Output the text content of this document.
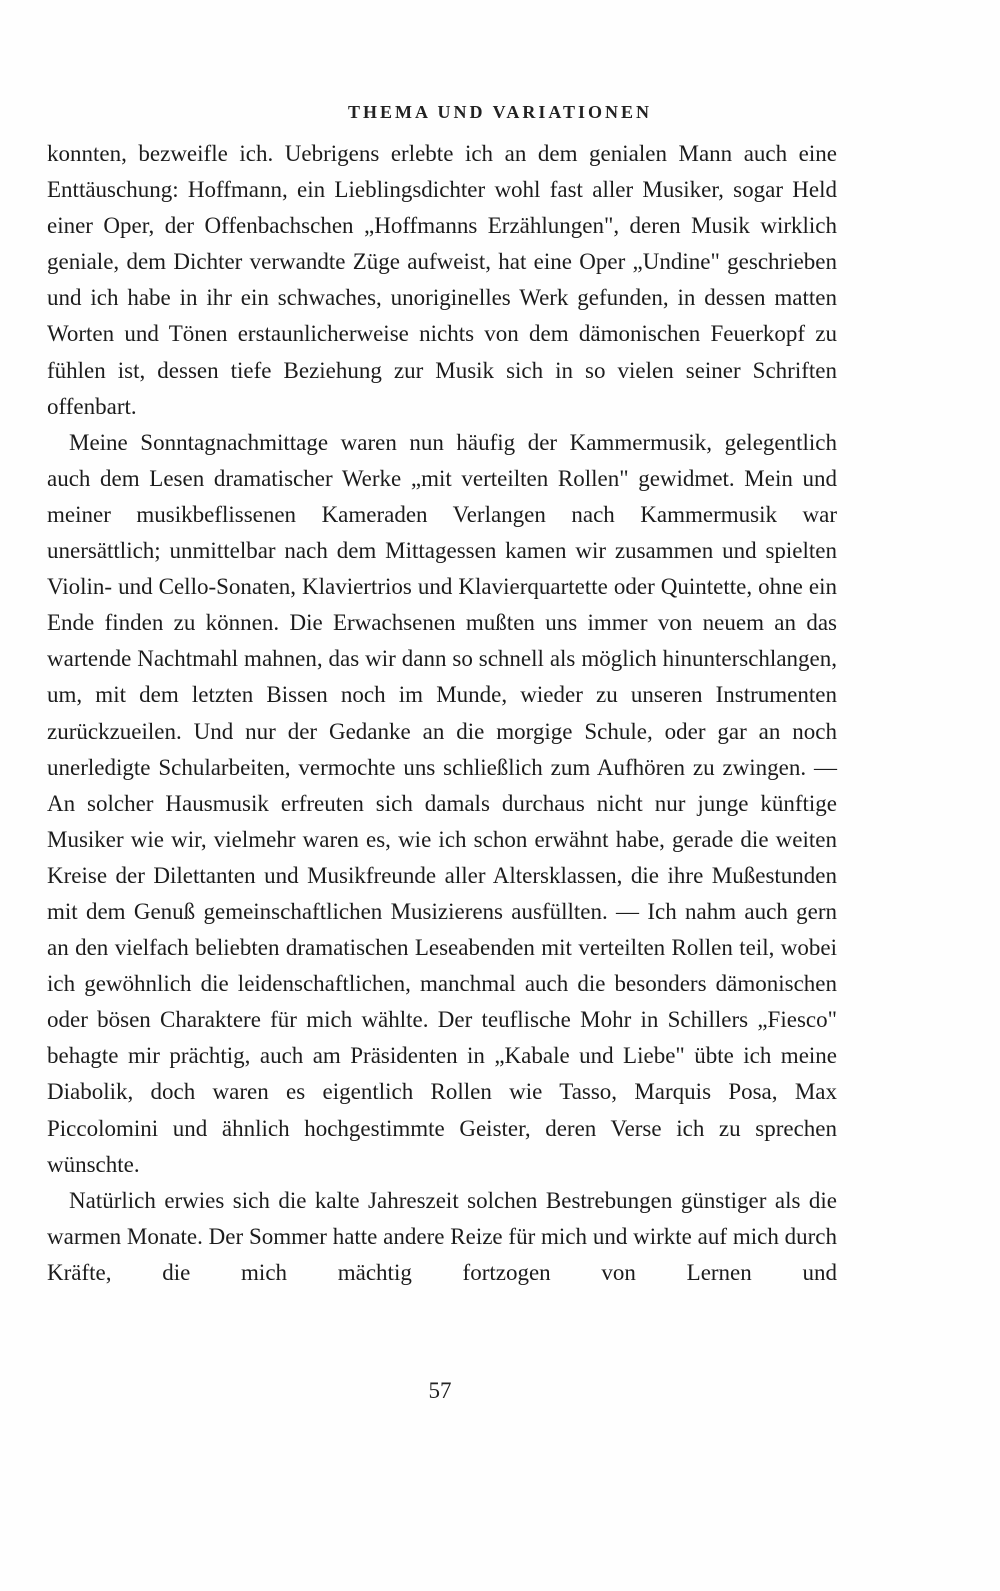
THEMA UND VARIATIONEN

konnten, bezweifle ich. Uebrigens erlebte ich an dem genialen Mann auch eine Enttäuschung: Hoffmann, ein Lieblingsdichter wohl fast aller Musiker, sogar Held einer Oper, der Offenbachschen „Hoffmanns Erzählungen", deren Musik wirklich geniale, dem Dichter verwandte Züge aufweist, hat eine Oper „Undine" geschrieben und ich habe in ihr ein schwaches, unoriginelles Werk gefunden, in dessen matten Worten und Tönen erstaunlicherweise nichts von dem dämonischen Feuerkopf zu fühlen ist, dessen tiefe Beziehung zur Musik sich in so vielen seiner Schriften offenbart.

Meine Sonntagnachmittage waren nun häufig der Kammermusik, gelegentlich auch dem Lesen dramatischer Werke „mit verteilten Rollen" gewidmet. Mein und meiner musikbeflissenen Kameraden Verlangen nach Kammermusik war unersättlich; unmittelbar nach dem Mittagessen kamen wir zusammen und spielten Violin- und Cello-Sonaten, Klaviertrios und Klavierquartette oder Quintette, ohne ein Ende finden zu können. Die Erwachsenen mußten uns immer von neuem an das wartende Nachtmahl mahnen, das wir dann so schnell als möglich hinunterschlangen, um, mit dem letzten Bissen noch im Munde, wieder zu unseren Instrumenten zurückzueilen. Und nur der Gedanke an die morgige Schule, oder gar an noch unerledigte Schularbeiten, vermochte uns schließlich zum Aufhören zu zwingen. — An solcher Hausmusik erfreuten sich damals durchaus nicht nur junge künftige Musiker wie wir, vielmehr waren es, wie ich schon erwähnt habe, gerade die weiten Kreise der Dilettanten und Musikfreunde aller Altersklassen, die ihre Mußestunden mit dem Genuß gemeinschaftlichen Musizierens ausfüllten. — Ich nahm auch gern an den vielfach beliebten dramatischen Leseabenden mit verteilten Rollen teil, wobei ich gewöhnlich die leidenschaftlichen, manchmal auch die besonders dämonischen oder bösen Charaktere für mich wählte. Der teuflische Mohr in Schillers „Fiesco" behagte mir prächtig, auch am Präsidenten in „Kabale und Liebe" übte ich meine Diabolik, doch waren es eigentlich Rollen wie Tasso, Marquis Posa, Max Piccolomini und ähnlich hochgestimmte Geister, deren Verse ich zu sprechen wünschte.

Natürlich erwies sich die kalte Jahreszeit solchen Bestrebungen günstiger als die warmen Monate. Der Sommer hatte andere Reize für mich und wirkte auf mich durch Kräfte, die mich mächtig fortzogen von Lernen und

57
